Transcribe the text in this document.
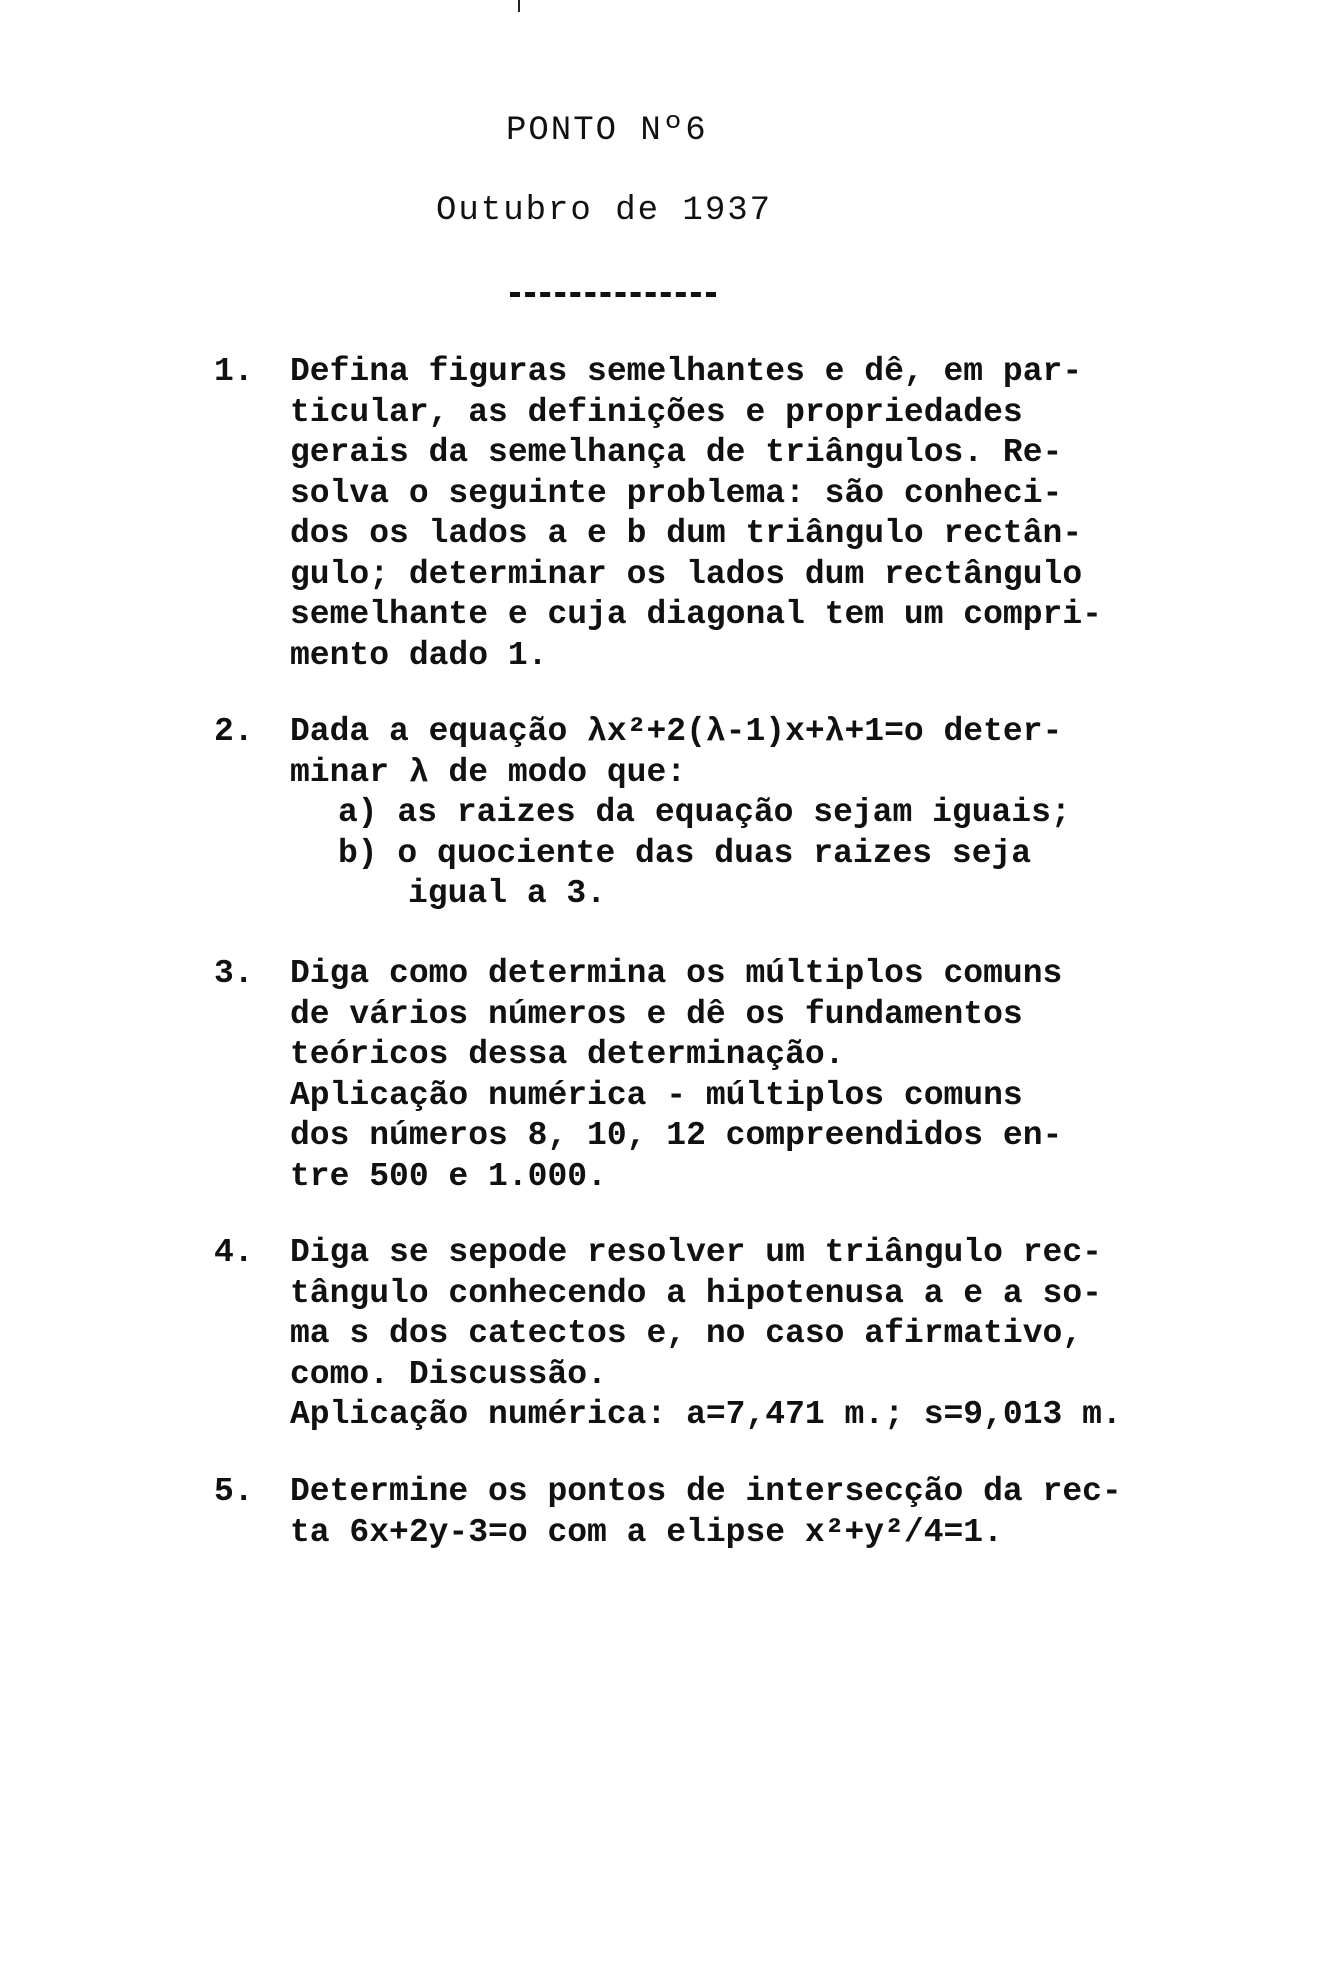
PONTO Nº6
Outubro de 1937
1.	Defina figuras semelhantes e dê, em par-
ticular, as definições e propriedades
gerais da semelhança de triângulos. Re-
solva o seguinte problema: são conheci-
dos os lados a e b dum triângulo rectân-
gulo; determinar os lados dum rectângulo
semelhante e cuja diagonal tem um compri-
mento dado 1.
2.	Dada a equação λx²+2(λ-1)x+λ+1=o deter-
minar λ de modo que:
a) as raizes da equação sejam iguais;
b) o quociente das duas raizes seja
igual a 3.
3.	Diga como determina os múltiplos comuns
de vários números e dê os fundamentos
teóricos dessa determinação.
Aplicação numérica - múltiplos comuns
dos números 8, 10, 12 compreendidos en-
tre 500 e 1.000.
4.	Diga se sepode resolver um triângulo rec-
tângulo conhecendo a hipotenusa a e a so-
ma s dos catectos e, no caso afirmativo,
como. Discussão.
Aplicação numérica: a=7,471 m.; s=9,013 m.
5.	Determine os pontos de intersecção da rec-
ta 6x+2y-3=o com a elipse x²+y²/4=1.
